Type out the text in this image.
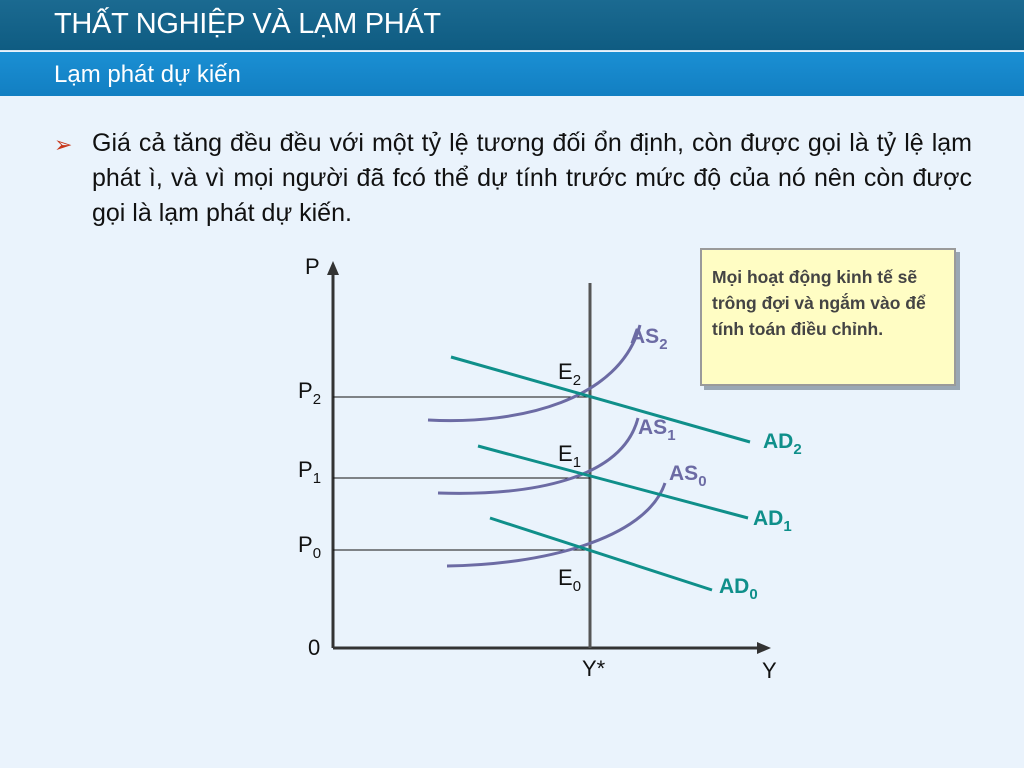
THẤT NGHIỆP VÀ LẠM PHÁT
Lạm phát dự kiến
➢ Giá cả tăng đều đều với một tỷ lệ tương đối ổn định, còn được gọi là tỷ lệ lạm phát ì, và vì mọi người đã fcó thể dự tính trước mức độ của nó nên còn được gọi là lạm phát dự kiến.
P
Y
0
Y*
$P_2$
$P_1$
$P_0$
$E_2$
$E_1$
$E_0$
$AS_2$
$AS_1$
$AS_0$
$AD_2$
$AD_1$
$AD_0$
Mọi hoạt động kinh tế sẽ trông đợi và ngắm vào để tính toán điều chỉnh.
